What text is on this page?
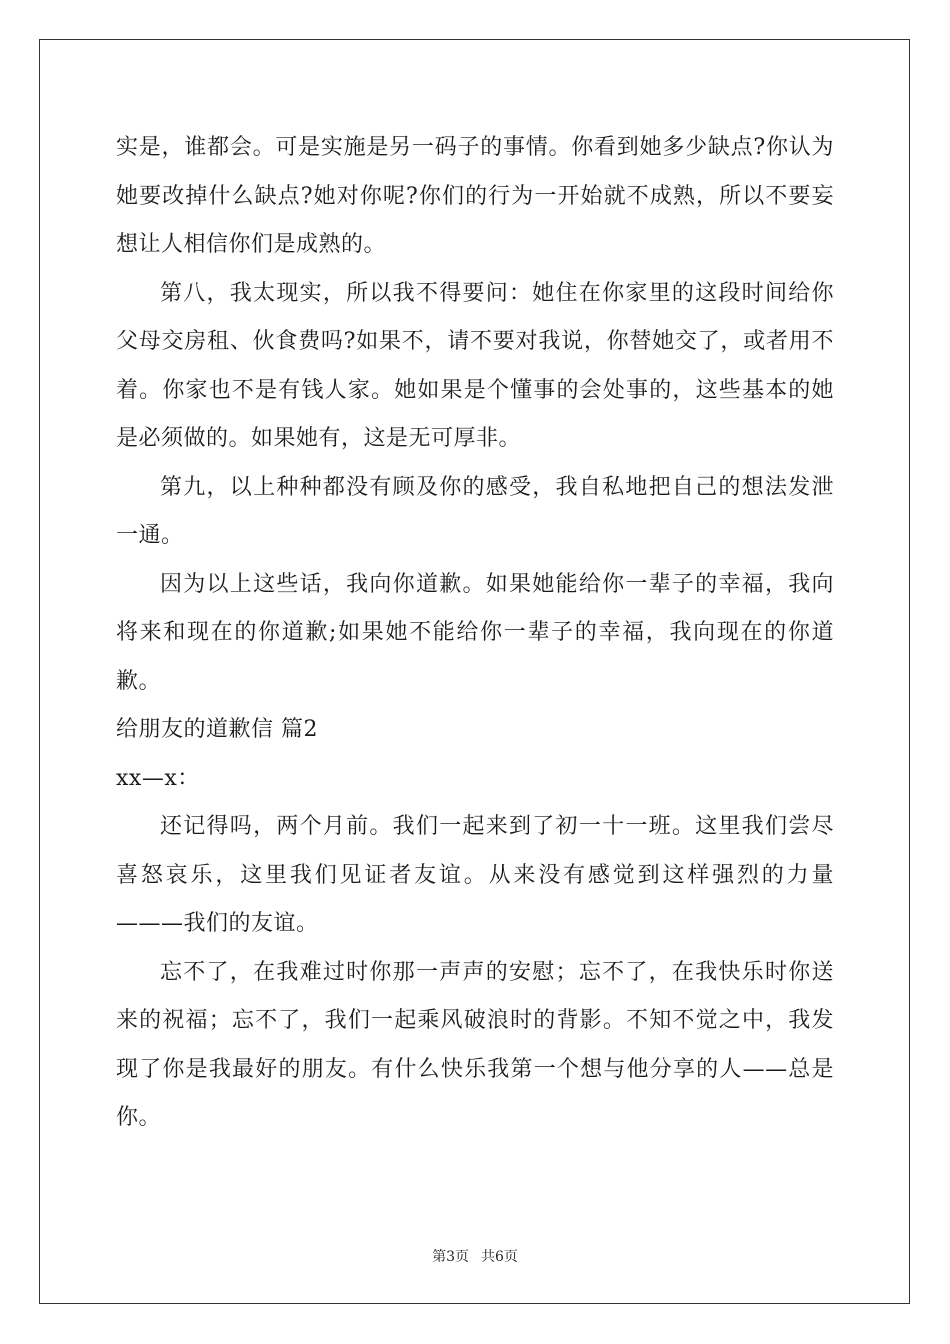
实是，谁都会。可是实施是另一码子的事情。你看到她多少缺点?你认为她要改掉什么缺点?她对你呢?你们的行为一开始就不成熟，所以不要妄想让人相信你们是成熟的。

第八，我太现实，所以我不得要问：她住在你家里的这段时间给你父母交房租、伙食费吗?如果不，请不要对我说，你替她交了，或者用不着。你家也不是有钱人家。她如果是个懂事的会处事的，这些基本的她是必须做的。如果她有，这是无可厚非。

第九，以上种种都没有顾及你的感受，我自私地把自己的想法发泄一通。

因为以上这些话，我向你道歉。如果她能给你一辈子的幸福，我向将来和现在的你道歉;如果她不能给你一辈子的幸福，我向现在的你道歉。

给朋友的道歉信 篇2

xx—x：

还记得吗，两个月前。我们一起来到了初一十一班。这里我们尝尽喜怒哀乐，这里我们见证者友谊。从来没有感觉到这样强烈的力量———我们的友谊。

忘不了，在我难过时你那一声声的安慰；忘不了，在我快乐时你送来的祝福；忘不了，我们一起乘风破浪时的背影。不知不觉之中，我发现了你是我最好的朋友。有什么快乐我第一个想与他分享的人——总是你。

第3页 共6页
